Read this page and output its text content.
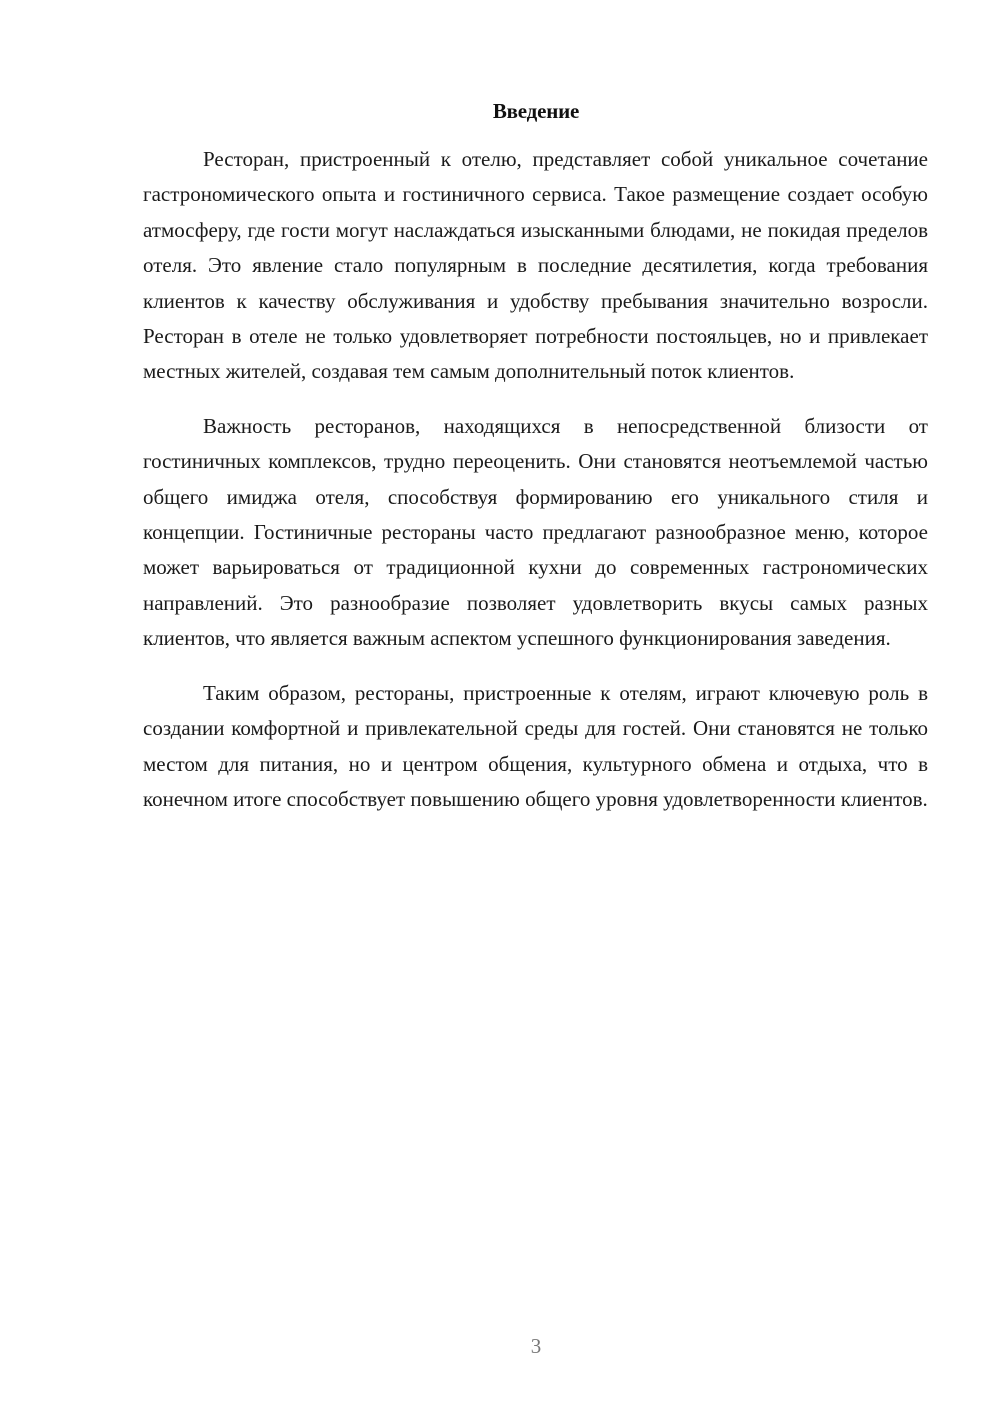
Введение

Ресторан, пристроенный к отелю, представляет собой уникальное сочетание гастрономического опыта и гостиничного сервиса. Такое размещение создает особую атмосферу, где гости могут наслаждаться изысканными блюдами, не покидая пределов отеля. Это явление стало популярным в последние десятилетия, когда требования клиентов к качеству обслуживания и удобству пребывания значительно возросли. Ресторан в отеле не только удовлетворяет потребности постояльцев, но и привлекает местных жителей, создавая тем самым дополнительный поток клиентов.

Важность ресторанов, находящихся в непосредственной близости от гостиничных комплексов, трудно переоценить. Они становятся неотъемлемой частью общего имиджа отеля, способствуя формированию его уникального стиля и концепции. Гостиничные рестораны часто предлагают разнообразное меню, которое может варьироваться от традиционной кухни до современных гастрономических направлений. Это разнообразие позволяет удовлетворить вкусы самых разных клиентов, что является важным аспектом успешного функционирования заведения.

Таким образом, рестораны, пристроенные к отелям, играют ключевую роль в создании комфортной и привлекательной среды для гостей. Они становятся не только местом для питания, но и центром общения, культурного обмена и отдыха, что в конечном итоге способствует повышению общего уровня удовлетворенности клиентов.

3
